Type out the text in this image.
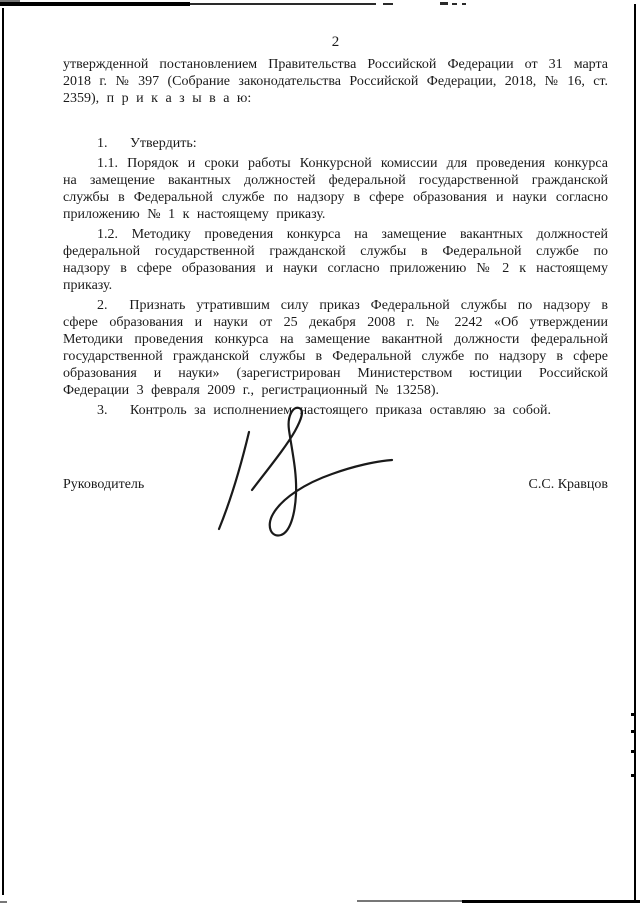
2

утвержденной постановлением Правительства Российской Федерации от 31 марта 2018 г. № 397 (Собрание законодательства Российской Федерации, 2018, № 16, ст. 2359), п р и к а з ы в а ю:

1.   Утвердить:

1.1. Порядок и сроки работы Конкурсной комиссии для проведения конкурса на замещение вакантных должностей федеральной государственной гражданской службы в Федеральной службе по надзору в сфере образования и науки согласно приложению № 1 к настоящему приказу.

1.2. Методику проведения конкурса на замещение вакантных должностей федеральной государственной гражданской службы в Федеральной службе по надзору в сфере образования и науки согласно приложению № 2 к настоящему приказу.

2.  Признать утратившим силу приказ Федеральной службы по надзору в сфере образования и науки от 25 декабря 2008 г. № 2242 «Об утверждении Методики проведения конкурса на замещение вакантной должности федеральной государственной гражданской службы в Федеральной службе по надзору в сфере образования и науки» (зарегистрирован Министерством юстиции Российской Федерации 3 февраля 2009 г., регистрационный № 13258).

3.   Контроль за исполнением настоящего приказа оставляю за собой.

Руководитель	С.С. Кравцов
